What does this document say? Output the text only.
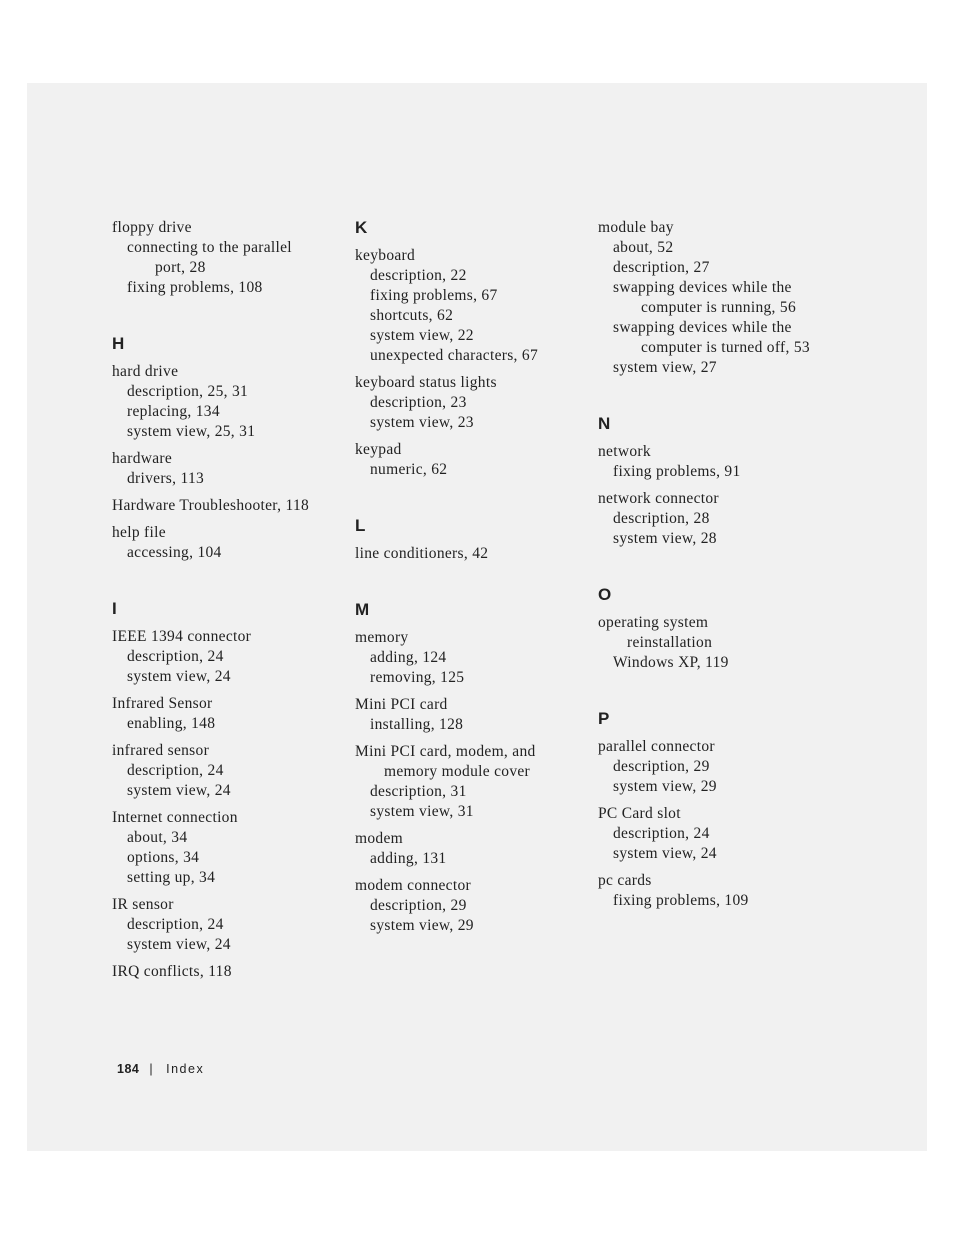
floppy drive
connecting to the parallel
port, 28
fixing problems, 108
H
hard drive
description, 25, 31
replacing, 134
system view, 25, 31
hardware
drivers, 113
Hardware Troubleshooter, 118
help file
accessing, 104
I
IEEE 1394 connector
description, 24
system view, 24
Infrared Sensor
enabling, 148
infrared sensor
description, 24
system view, 24
Internet connection
about, 34
options, 34
setting up, 34
IR sensor
description, 24
system view, 24
IRQ conflicts, 118
K
keyboard
description, 22
fixing problems, 67
shortcuts, 62
system view, 22
unexpected characters, 67
keyboard status lights
description, 23
system view, 23
keypad
numeric, 62
L
line conditioners, 42
M
memory
adding, 124
removing, 125
Mini PCI card
installing, 128
Mini PCI card, modem, and
memory module cover
description, 31
system view, 31
modem
adding, 131
modem connector
description, 29
system view, 29
module bay
about, 52
description, 27
swapping devices while the
computer is running, 56
swapping devices while the
computer is turned off, 53
system view, 27
N
network
fixing problems, 91
network connector
description, 28
system view, 28
O
operating system
reinstallation
Windows XP, 119
P
parallel connector
description, 29
system view, 29
PC Card slot
description, 24
system view, 24
pc cards
fixing problems, 109
184 | Index
